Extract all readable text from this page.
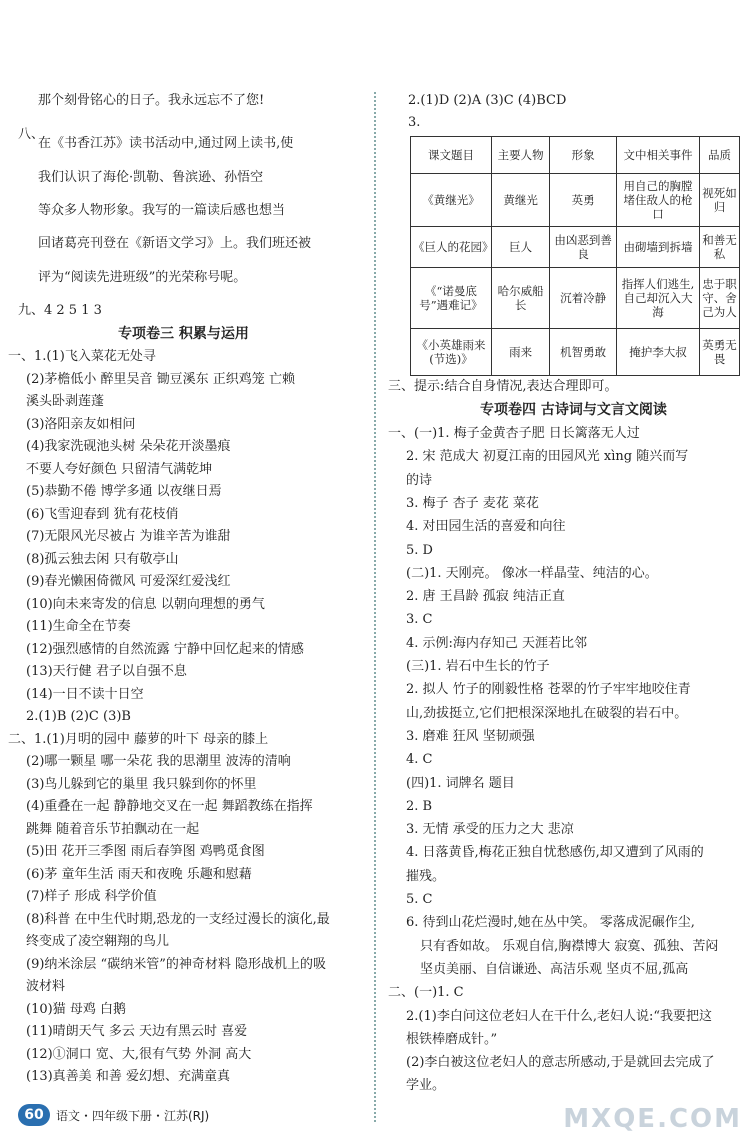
那个刻骨铭心的日子。我永远忘不了您!
八、
在《书香江苏》读书活动中,通过网上读书,使
我们认识了海伦·凯勒、鲁滨逊、孙悟空
等众多人物形象。我写的一篇读后感也想当
回诸葛亮刊登在《新语文学习》上。我们班还被
评为“阅读先进班级”的光荣称号呢。
九、4 2 5 1 3
专项卷三 积累与运用
一、1.(1)飞入菜花无处寻
(2)茅檐低小 醉里吴音 锄豆溪东 正织鸡笼 亡赖
溪头卧剥莲蓬
(3)洛阳亲友如相问
(4)我家洗砚池头树 朵朵花开淡墨痕
不要人夸好颜色 只留清气满乾坤
(5)恭勤不倦 博学多通 以夜继日焉
(6)飞雪迎春到 犹有花枝俏
(7)无限风光尽被占 为谁辛苦为谁甜
(8)孤云独去闲 只有敬亭山
(9)春光懒困倚微风 可爱深红爱浅红
(10)向未来寄发的信息 以朝向理想的勇气
(11)生命全在节奏
(12)强烈感情的自然流露 宁静中回忆起来的情感
(13)天行健 君子以自强不息
(14)一日不读十日空
2.(1)B (2)C (3)B
二、1.(1)月明的园中 藤萝的叶下 母亲的膝上
(2)哪一颗星 哪一朵花 我的思潮里 波涛的清响
(3)鸟儿躲到它的巢里 我只躲到你的怀里
(4)重叠在一起 静静地交叉在一起 舞蹈教练在指挥
跳舞 随着音乐节拍飘动在一起
(5)田 花开三季图 雨后春笋图 鸡鸭觅食图
(6)茅 童年生活 雨天和夜晚 乐趣和慰藉
(7)样子 形成 科学价值
(8)科普 在中生代时期,恐龙的一支经过漫长的演化,最
终变成了凌空翱翔的鸟儿
(9)纳米涂层 “碳纳米管”的神奇材料 隐形战机上的吸
波材料
(10)猫 母鸡 白鹅
(11)晴朗天气 多云 天边有黑云时 喜爱
(12)①洞口 宽、大,很有气势 外洞 高大
(13)真善美 和善 爱幻想、充满童真
2.(1)D (2)A (3)C (4)BCD
3.
课文题目	主要人物	形象	文中相关事件	品质
《黄继光》	黄继光	英勇	用自己的胸膛堵住敌人的枪口	视死如归
《巨人的花园》	巨人	由凶恶到善良	由砌墙到拆墙	和善无私
《“诺曼底号”遇难记》	哈尔威船长	沉着冷静	指挥人们逃生,自己却沉入大海	忠于职守、舍己为人
《小英雄雨来(节选)》	雨来	机智勇敢	掩护李大叔	英勇无畏
三、提示:结合自身情况,表达合理即可。
专项卷四 古诗词与文言文阅读
一、(一)1. 梅子金黄杏子肥 日长篱落无人过
2. 宋 范成大 初夏江南的田园风光 xìng 随兴而写
的诗
3. 梅子 杏子 麦花 菜花
4. 对田园生活的喜爱和向往
5. D
(二)1. 天刚亮。 像冰一样晶莹、纯洁的心。
2. 唐 王昌龄 孤寂 纯洁正直
3. C
4. 示例:海内存知己 天涯若比邻
(三)1. 岩石中生长的竹子
2. 拟人 竹子的刚毅性格 苍翠的竹子牢牢地咬住青
山,劲拔挺立,它们把根深深地扎在破裂的岩石中。
3. 磨难 狂风 坚韧顽强
4. C
(四)1. 词牌名 题目
2. B
3. 无情 承受的压力之大 悲凉
4. 日落黄昏,梅花正独自忧愁感伤,却又遭到了风雨的
摧残。
5. C
6. 待到山花烂漫时,她在丛中笑。 零落成泥碾作尘,
只有香如故。 乐观自信,胸襟博大 寂寞、孤独、苦闷
坚贞美丽、自信谦逊、高洁乐观 坚贞不屈,孤高
二、(一)1. C
2.(1)李白问这位老妇人在干什么,老妇人说:“我要把这
根铁棒磨成针。”
(2)李白被这位老妇人的意志所感动,于是就回去完成了
学业。
60	语文・四年级下册・江苏(RJ)	MXQE.COM
